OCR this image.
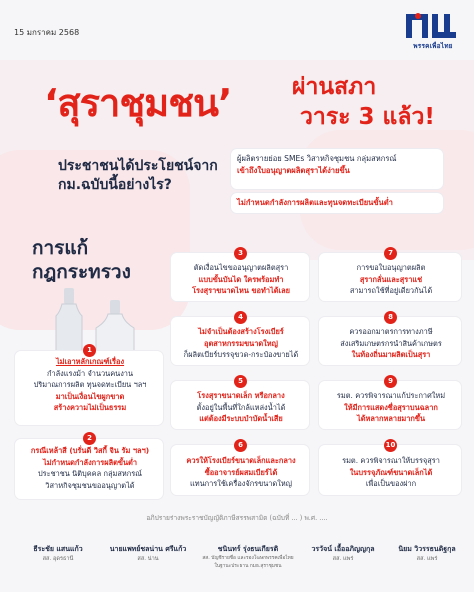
15 มกราคม 2568
พรรคเพื่อไทย
‘สุราชุมชน’	ผ่านสภา
วาระ 3 แล้ว!
ประชาชนได้ประโยชน์จาก
กม.ฉบับนี้อย่างไร?
ผู้ผลิตรายย่อย SMEs วิสาหกิจชุมชน กลุ่มสหกรณ์
เข้าถึงใบอนุญาตผลิตสุราได้ง่ายขึ้น
ไม่กำหนดกำลังการผลิตและทุนจดทะเบียนขั้นต่ำ
การแก้
กฎกระทรวง
1
ไม่เอาหลักเกณฑ์เรื่อง
กำลังแรงม้า จำนวนคนงาน
ปริมาณการผลิต ทุนจดทะเบียน ฯลฯ
มาเป็นเงื่อนไขผูกขาด
สร้างความไม่เป็นธรรม
2
กรณีเหล้าสี (บรั่นดี วิสกี้ จิน รัม ฯลฯ)
ไม่กำหนดกำลังการผลิตขั้นต่ำ
ประชาชน นิติบุคคล กลุ่มสหกรณ์
วิสาหกิจชุมชนขออนุญาตได้
3
ตัดเงื่อนไขขออนุญาตผลิตสุรา
แบบขั้นบันได ใครพร้อมทำ
โรงสุราขนาดไหน ขอทำได้เลย
4
ไม่จำเป็นต้องสร้างโรงเบียร์
อุตสาหกรรมขนาดใหญ่
ก็ผลิตเบียร์บรรจุขวด-กระป๋องขายได้
5
โรงสุราขนาดเล็ก หรือกลาง
ตั้งอยู่ในพื้นที่ใกล้แหล่งน้ำได้
แต่ต้องมีระบบบำบัดน้ำเสีย
6
ควรให้โรงเบียร์ขนาดเล็กและกลาง
ซื้ออาจารย์ผสมเบียร์ได้
แทนการใช้เครื่องจักรขนาดใหญ่
7
การขอใบอนุญาตผลิต
สุรากลั่นและสุราแช่
สามารถใช้ที่อยู่เดียวกันได้
8
ควรออกมาตรการทางภาษี
ส่งเสริมเกษตรกรนำสินค้าเกษตร
ในท้องถิ่นมาผลิตเป็นสุรา
9
รมต. ควรพิจารณาแก้ประกาศใหม่
ให้มีการแสดงชื่อสุราบนฉลาก
ได้หลากหลายมากขึ้น
10
รมต. ควรพิจารณาให้บรรจุสุรา
ในบรรจุภัณฑ์ขนาดเล็กได้
เพื่อเป็นของฝาก
อภิปรายร่างพระราชบัญญัติภาษีสรรพสามิต (ฉบับที่ ... ) พ.ศ. ....
ธีระชัย แสนแก้ว
สส. อุดรธานี
นายแพทย์ชลน่าน ศรีแก้ว
สส. น่าน
ชนินทร์ รุ่งธนเกียรติ
สส. บัญชีรายชื่อ และรองโฆษกพรรคเพื่อไทย
ในฐานะประธาน กมธ.สุราชุมชน
วรวัจน์ เอื้ออภิญญกุล
สส. แพร่
นิยม วิวรรธนดิฐกุล
สส. แพร่
